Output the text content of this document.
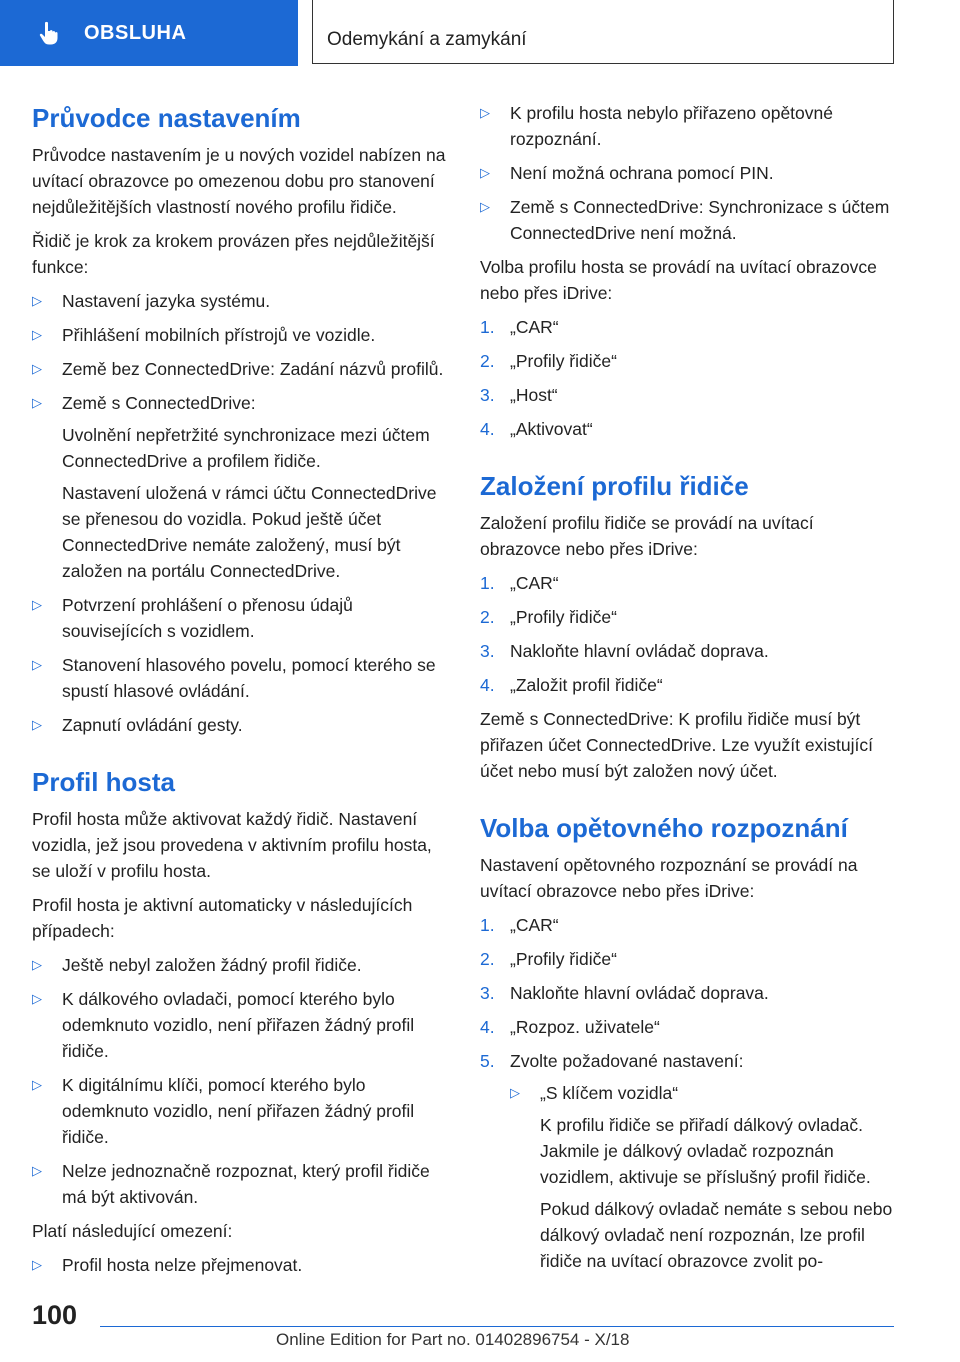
OBSLUHA	Odemykání a zamykání
Průvodce nastavením

Průvodce nastavením je u nových vozidel nabízen na uvítací obrazovce po omezenou dobu pro stanovení nejdůležitějších vlastností nového profilu řidiče.

Řidič je krok za krokem provázen přes nejdůležitější funkce:

▷ Nastavení jazyka systému.
▷ Přihlášení mobilních přístrojů ve vozidle.
▷ Země bez ConnectedDrive: Zadání názvů profilů.
▷ Země s ConnectedDrive:
Uvolnění nepřetržité synchronizace mezi účtem ConnectedDrive a profilem řidiče.
Nastavení uložená v rámci účtu ConnectedDrive se přenesou do vozidla. Pokud ještě účet ConnectedDrive nemáte založený, musí být založen na portálu ConnectedDrive.
▷ Potvrzení prohlášení o přenosu údajů souvisejících s vozidlem.
▷ Stanovení hlasového povelu, pomocí kterého se spustí hlasové ovládání.
▷ Zapnutí ovládání gesty.
Profil hosta

Profil hosta může aktivovat každý řidič. Nastavení vozidla, jež jsou provedena v aktivním profilu hosta, se uloží v profilu hosta.

Profil hosta je aktivní automaticky v následujících případech:

▷ Ještě nebyl založen žádný profil řidiče.
▷ K dálkového ovladači, pomocí kterého bylo odemknuto vozidlo, není přiřazen žádný profil řidiče.
▷ K digitálnímu klíči, pomocí kterého bylo odemknuto vozidlo, není přiřazen žádný profil řidiče.
▷ Nelze jednoznačně rozpoznat, který profil řidiče má být aktivován.

Platí následující omezení:

▷ Profil hosta nelze přejmenovat.
▷ K profilu hosta nebylo přiřazeno opětovné rozpoznání.
▷ Není možná ochrana pomocí PIN.
▷ Země s ConnectedDrive: Synchronizace s účtem ConnectedDrive není možná.

Volba profilu hosta se provádí na uvítací obrazovce nebo přes iDrive:

1. „CAR“
2. „Profily řidiče“
3. „Host“
4. „Aktivovat“
Založení profilu řidiče

Založení profilu řidiče se provádí na uvítací obrazovce nebo přes iDrive:

1. „CAR“
2. „Profily řidiče“
3. Nakloňte hlavní ovládač doprava.
4. „Založit profil řidiče“

Země s ConnectedDrive: K profilu řidiče musí být přiřazen účet ConnectedDrive. Lze využít existující účet nebo musí být založen nový účet.

Volba opětovného rozpoznání

Nastavení opětovného rozpoznání se provádí na uvítací obrazovce nebo přes iDrive:

1. „CAR“
2. „Profily řidiče“
3. Nakloňte hlavní ovládač doprava.
4. „Rozpoz. uživatele“
5. Zvolte požadované nastavení:
▷ „S klíčem vozidla“
K profilu řidiče se přiřadí dálkový ovladač. Jakmile je dálkový ovladač rozpoznán vozidlem, aktivuje se příslušný profil řidiče.
Pokud dálkový ovladač nemáte s sebou nebo dálkový ovladač není rozpoznán, lze profil řidiče na uvítací obrazovce zvolit po-
100
Online Edition for Part no. 01402896754 - X/18
